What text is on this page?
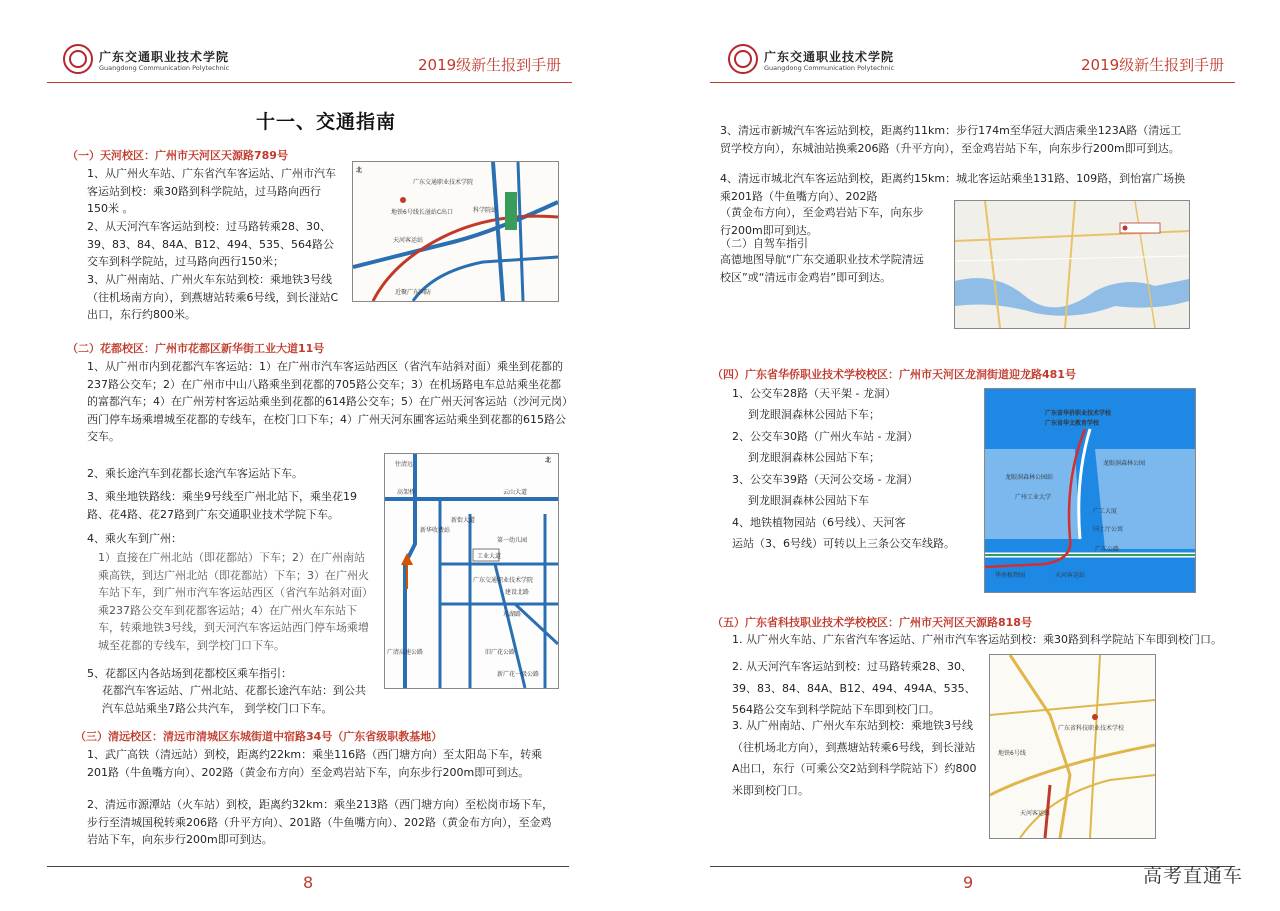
广东交通职业技术学院
Guangdong Communication Polytechnic	2019级新生报到手册
十一、交通指南
（一）天河校区：广州市天河区天源路789号
1、从广州火车站、广东省汽车客运站、广州市汽车客运站到校：乘30路到科学院站，过马路向西行150米 。
2、从天河汽车客运站到校：过马路转乘28、30、39、83、84、84A、B12、494、535、564路公交车到科学院站，过马路向西行150米；
3、从广州南站、广州火车东站到校：乘地铁3号线（往机场南方向），到燕塘站转乘6号线，到长湴站C出口，东行约800米。
北
广东交通职业技术学院
地铁6号线长湴站C出口	科学院站
天河客运站
近聚广东国防
（二）花都校区：广州市花都区新华街工业大道11号
1、从广州市内到花都汽车客运站：1）在广州市汽车客运站西区（省汽车站斜对面）乘坐到花都的237路公交车；2）在广州市中山八路乘坐到花都的705路公交车；3）在机场路电车总站乘坐花都的富都汽车；4）在广州芳村客运站乘坐到花都的614路公交车；5）在广州天河客运站（沙河元岗）西门停车场乘增城至花都的专线车，在校门口下车；4）广州天河东圃客运站乘坐到花都的615路公交车。
2、乘长途汽车到花都长途汽车客运站下车。
3、乘坐地铁路线：乘坐9号线至广州北站下，乘坐花19路、花4路、花27路到广东交通职业技术学院下车。
4、乘火车到广州：
1）直接在广州北站（即花都站）下车；2）在广州南站乘高铁，到达广州北站（即花都站）下车；3）在广州火车站下车，到广州市汽车客运站西区（省汽车站斜对面）乘237路公交车到花都客运站；4）在广州火车东站下车，转乘地铁3号线，到天河汽车客运站西门停车场乘增城至花都的专线车，到学校门口下车。
5、花都区内各站场到花都校区乘车指引：
花都汽车客运站、广州北站、花都长途汽车站：到公共汽车总站乘坐7路公共汽车， 到学校门口下车。
北
往清远
高架桥	云山大道
新华收费站
新街大道
工业大道
广东交通职业技术学院
建设北路
东湖路
旧广花公路
新广花一级公路
广清高速公路
第一幼儿园
（三）清远校区：清远市清城区东城街道中宿路34号（广东省级职教基地）
1、武广高铁（清远站）到校，距离约22km：乘坐116路（西门塘方向）至太阳岛下车，转乘201路（牛鱼嘴方向）、202路（黄金布方向）至金鸡岩站下车，向东步行200m即可到达。
2、清远市源潭站（火车站）到校，距离约32km：乘坐213路（西门塘方向）至松岗市场下车，步行至清城国税转乘206路（升平方向）、201路（牛鱼嘴方向）、202路（黄金布方向），至金鸡岩站下车，向东步行200m即可到达。
8
广东交通职业技术学院
Guangdong Communication Polytechnic	2019级新生报到手册
3、清远市新城汽车客运站到校，距离约11km：步行174m至华冠大酒店乘坐123A路（清远工贸学校方向），东城油站换乘206路（升平方向），至金鸡岩站下车，向东步行200m即可到达。
4、清远市城北汽车客运站到校，距离约15km：城北客运站乘坐131路、109路，到怡富广场换乘201路（牛鱼嘴方向）、202路
（黄金布方向），至金鸡岩站下车，向东步行200m即可到达。
（二）自驾车指引
高德地图导航“广东交通职业技术学院清远校区”或“清远市金鸡岩”即可到达。
（四）广东省华侨职业技术学校校区：广州市天河区龙洞街道迎龙路481号
1、公交车28路（天平架 - 龙洞）
到龙眼洞森林公园站下车；
2、公交车30路（广州火车站 - 龙洞）
到龙眼洞森林公园站下车；
3、公交车39路（天河公交场 - 龙洞）
到龙眼洞森林公园站下车
4、地铁植物园站（6号线）、天河客
运站（3、6号线）可转以上三条公交车线路。
广东省华侨职业技术学校
广东省华文教育学校
龙眼洞森林公园
龙眼洞森林公园站
广州工业大学
广工大厦
国土厅公寓
广东公路
华南植物园	天河客运站
（五）广东省科技职业技术学校校区：广州市天河区天源路818号
1. 从广州火车站、广东省汽车客运站、广州市汽车客运站到校：乘30路到科学院站下车即到校门口。
2. 从天河汽车客运站到校：过马路转乘28、30、39、83、84、84A、B12、494、494A、535、564路公交车到科学院站下车即到校门口。
3. 从广州南站、广州火车东站到校：乘地铁3号线（往机场北方向），到燕塘站转乘6号线，到长湴站A出口，东行（可乘公交2站到科学院站下）约800米即到校门口。
地铁6号线
天河客运站
广东省科技职业技术学校
9	高考直通车
